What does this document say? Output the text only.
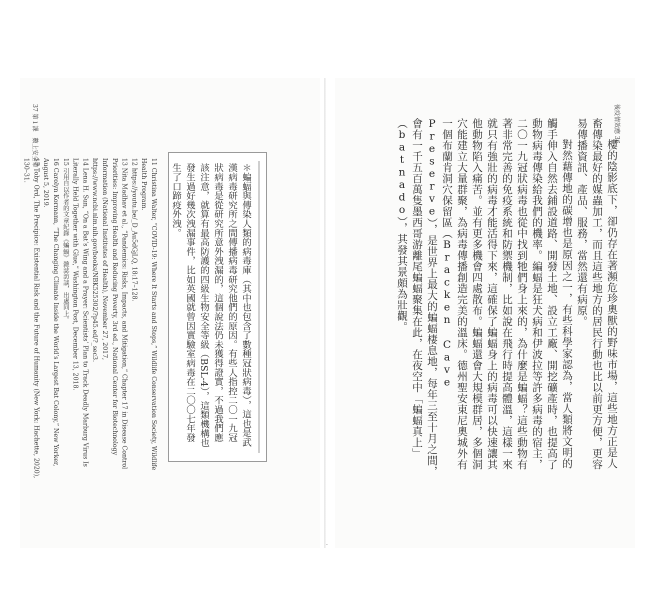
37 第１課　數上安全帶	後疫情效應 36

樓的陰影底下，卻仍存在著瀕危珍奧獸的野味市場，這些地方正是人畜傳染最好的媒蟲加工，而且這些地方的居民行動也比以前更方便，更容易傳播資訊、產品、服務，當然還有病原。

對然藉傳地的碳增也是原因之一，有些科學家認為，當人類將文明的觸手伸入自然去鋪設道路、開發土地、設立工廠、開挖礦產時，也提高了動物病毒傳染給我們的機率。編蝠是狂犬病和伊波拉等許多病毒的宿主，二〇一九冠狀病毒也從中找到牠們身上來的，為什麼是蝙蝠？這些動物有著非常完善的免疫系統和防禦機制，比如說在飛行時提高體溫，這樣一來就只有強壯的病毒才能活得下來，這確保了蝙蝠身上的病毒可以快速讓其他動物陷入痛苦。並有更多機會四處散布。蝙蝠還會大規模群居，多個洞穴能建立大量群聚，為病毒傳播創造完美的溫床。德州聖安東尼奧城外有一個布蘭肯洞穴保留區（Bracken Cave Preserve），是世界上最大的蝙蝠棲息地，每年三至十月之間，會有一千五百萬隻墨西哥游離尾蝙蝠聚集在此，在夜空中「蝙蝠真上」（batnado），其發其景頗為壯觀。

＊蝙蝠與傳染人類的病毒庫（其中也包含了數種冠狀病毒），這也是武漢病毒研究所之間傳播病毒研究他們的原因。有些人指控二〇一九冠狀病毒是從研究所意外洩漏的，這個說法仍未獲得證實，不過我們應該注意，就算有最高防護的四級生物安全等級（BSL-4），這類機構也發生過好幾次洩漏事件，比如英國就曾因實驗室病毒在二〇〇七年發生了口蹄疫外洩。

11 Christina Walter, “COVID-19: Where It Starts and Stops,” Wildlife Conservation Society, Wildlife Health Program.

12 https://youtu.be/_D_Au5dGjLQ, 18:17–128.

13 Nita Madhav et al., “Pandemics: Risks, Impacts, and Mitigation,” Chapter 17 in Disease Control Priorities: Improving Health and Reducing Poverty, 3rd ed., National Center for Biotechnology Information (National Institutes of Health), November 27, 2017, https://www.ncbi.nlm.nih.gov/books/NBK525302/?p45.ed/?_sec3.

14 Lena H. Sun, “On a Bat’s Wing and a Prayer: Scientists’ Plan to Track Deadly Marburg Virus Is Literally Held Together with Glue,” Washington Post, December 13, 2018.

15 引用自以作者的文章紀錄《蝙蝠》雜誌訪談，出處同上。

16 Carolyn Kormann, “The Changing Climate Inside the World’s Largest Bat Colony,” New Yorker, August 5, 2019.

17 Toby Ord, The Precipice: Existential Risk and the Future of Humanity (New York: Hachette, 2020), 130–31.

·
